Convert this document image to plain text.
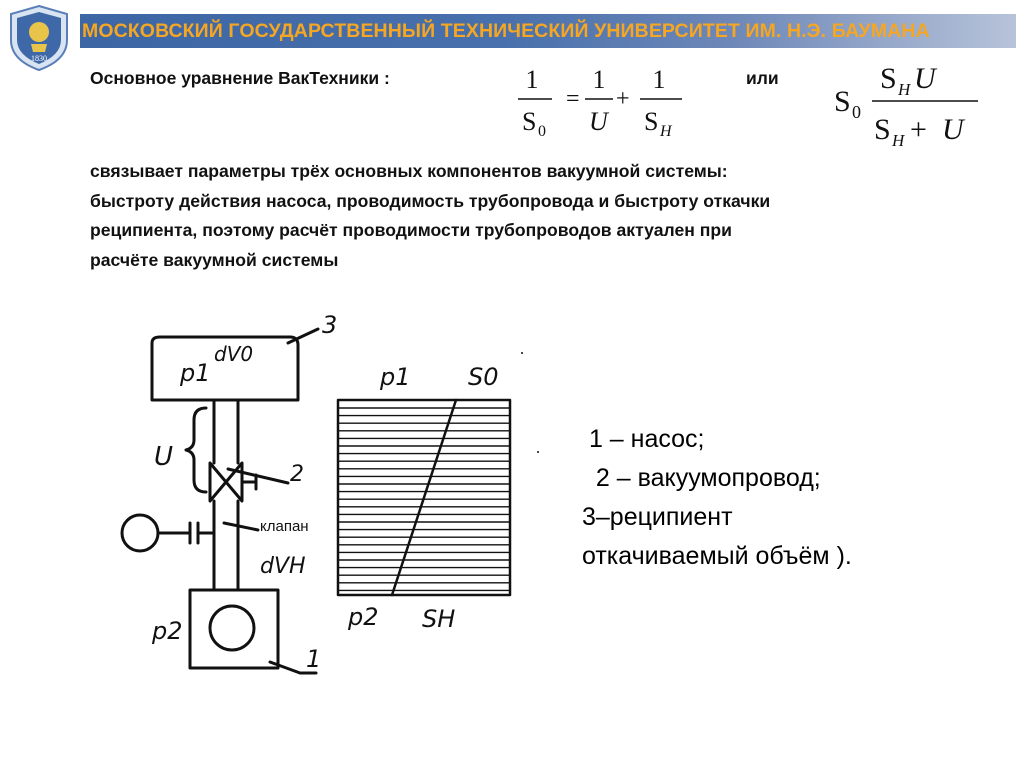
1830
МОСКОВСКИЙ ГОСУДАРСТВЕННЫЙ ТЕХНИЧЕСКИЙ УНИВЕРСИТЕТ ИМ. Н.Э. БАУМАНА
Основное уравнение ВакТехники :	или
1
S 0
=
1
U
+
1
S H
S 0
S H U
S H + U
связывает параметры трёх основных компонентов вакуумной системы:
быстроту действия насоса, проводимость трубопровода и быстроту откачки
реципиента, поэтому расчёт проводимости трубопроводов актуален при
расчёте вакуумной системы
3
p1
dV0
U
2
dVH
p2
1
p1 S0
p2 SH
клапан
1 – насос;
2 – вакуумопровод;
3–реципиент
откачиваемый объём ).
